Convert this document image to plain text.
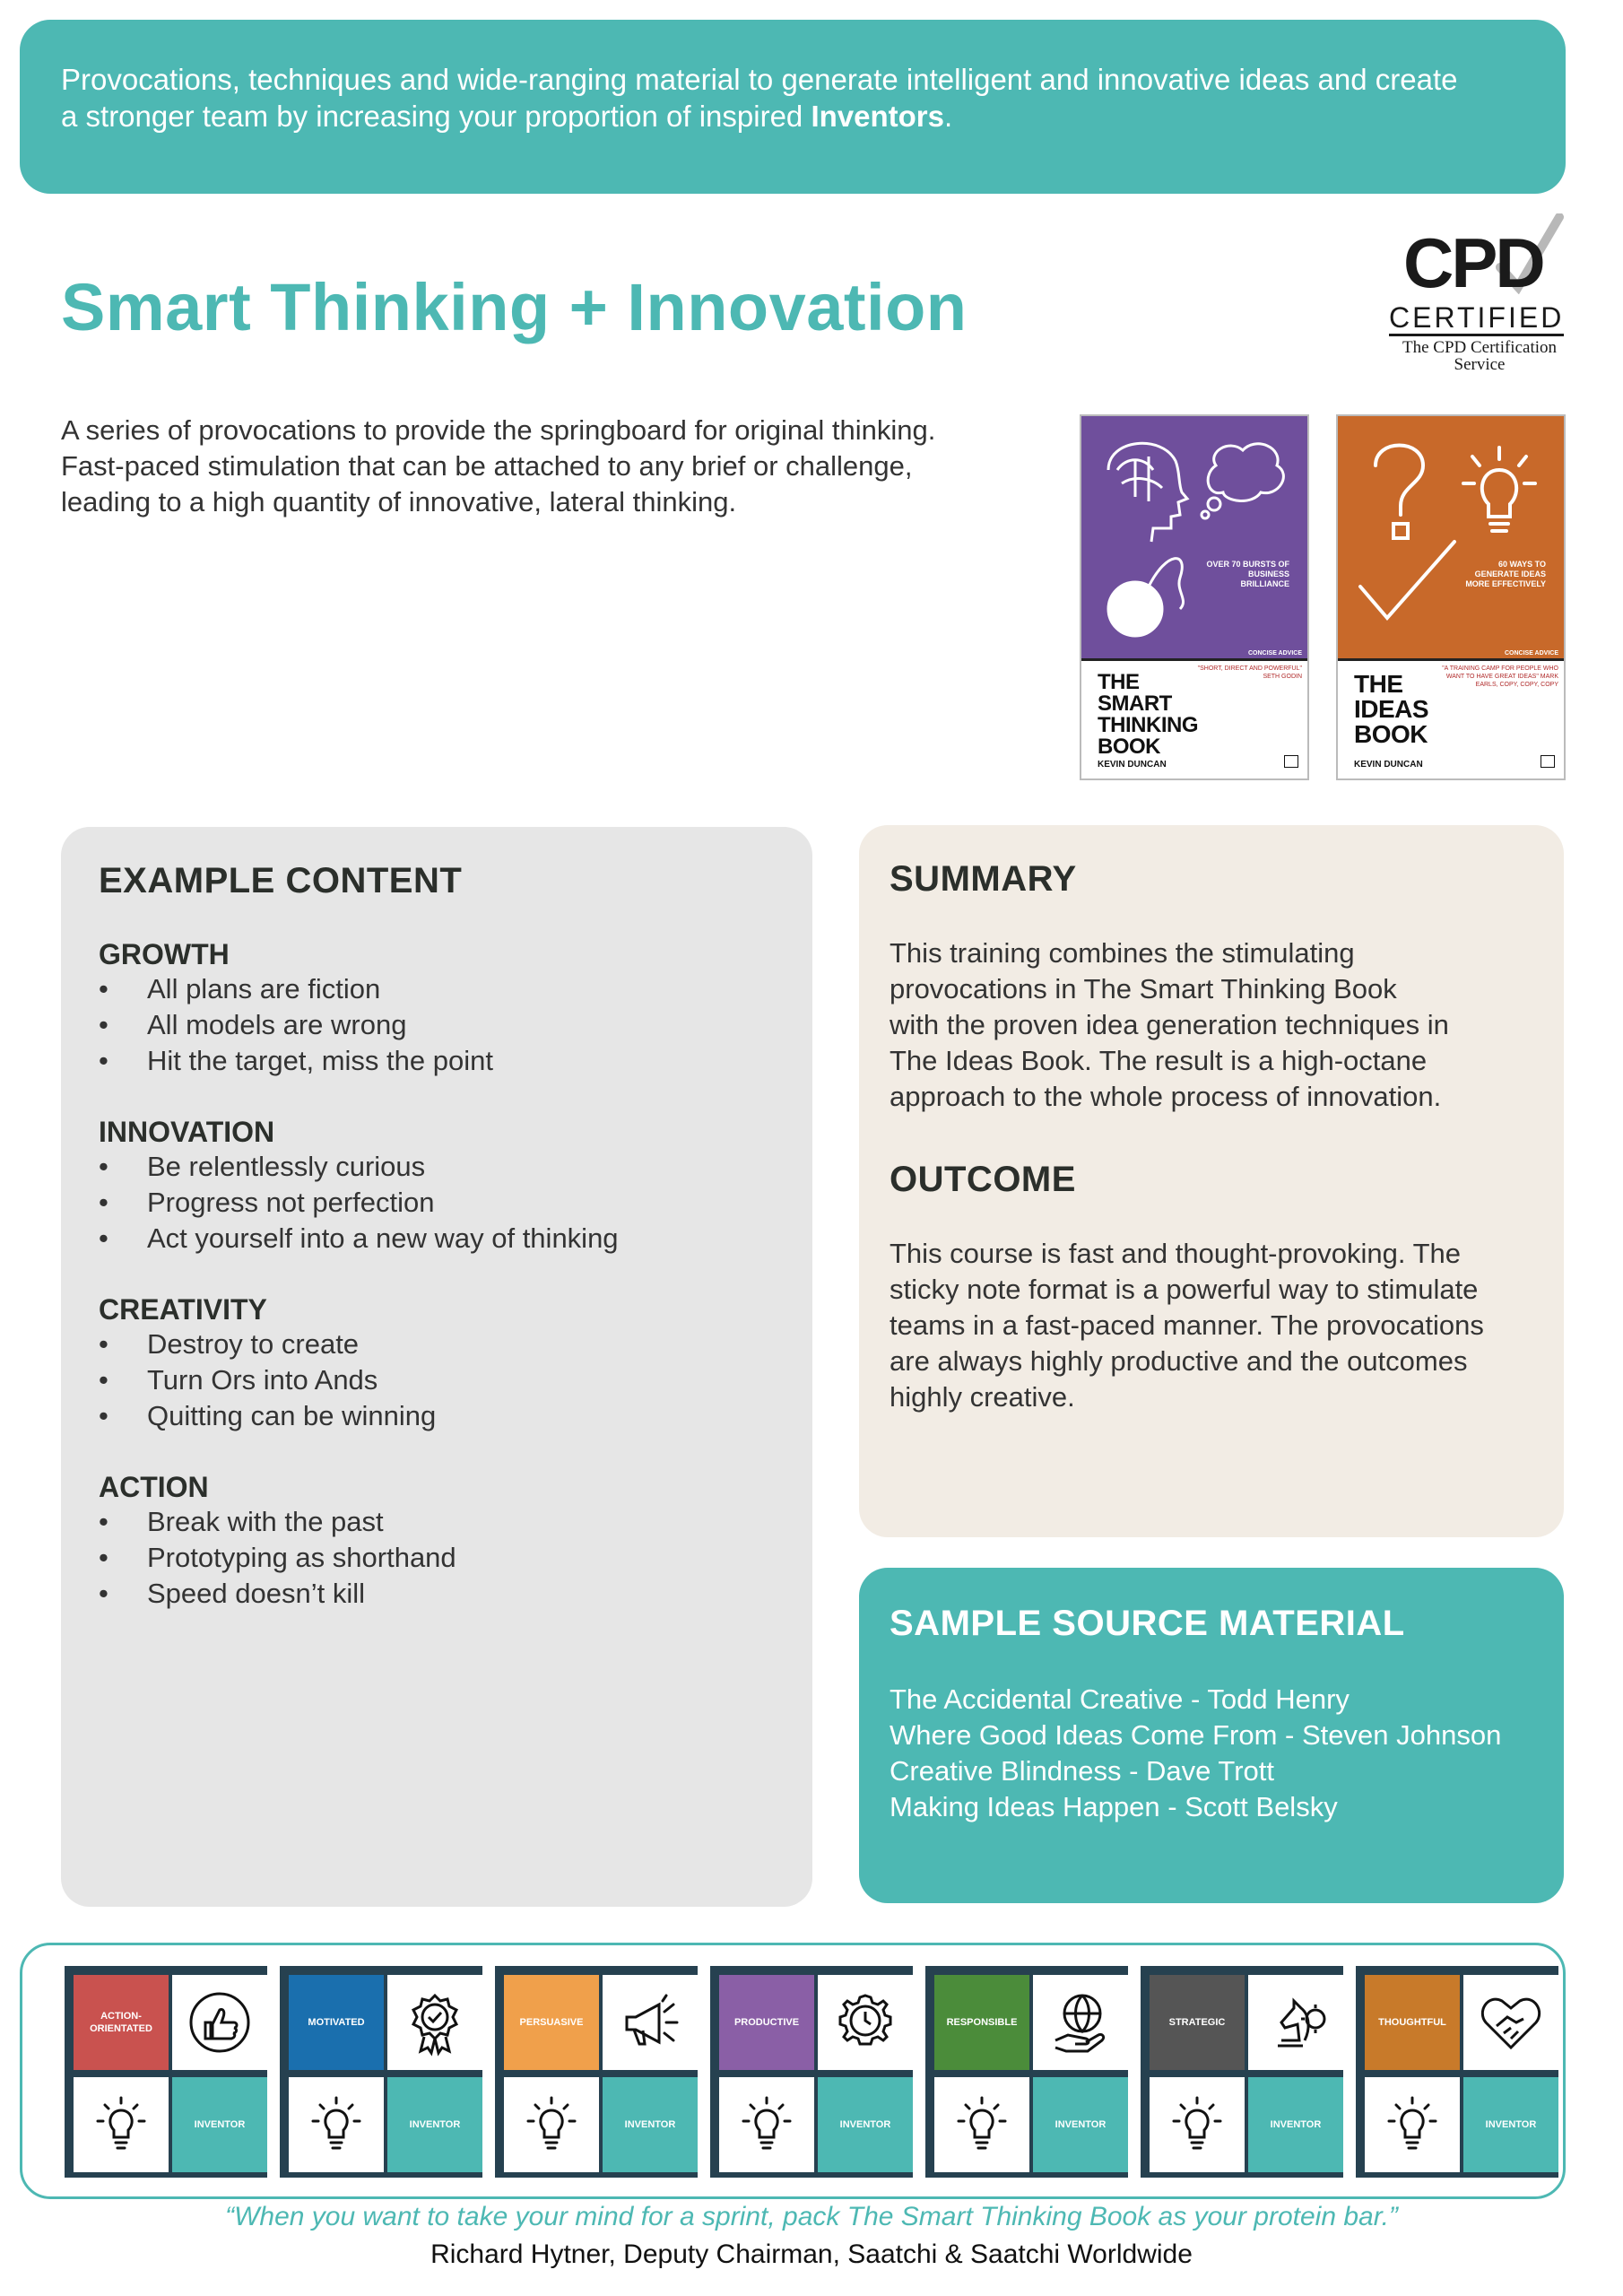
Provocations, techniques and wide-ranging material to generate intelligent and innovative ideas and create
a stronger team by increasing your proportion of inspired Inventors.

Smart Thinking + Innovation
CPD
CERTIFIED
The CPD Certification
Service
A series of provocations to provide the springboard for original thinking.
Fast-paced stimulation that can be attached to any brief or challenge,
leading to a high quantity of innovative, lateral thinking.
OVER 70 BURSTS OF BUSINESS BRILLIANCE
CONCISE ADVICE
"SHORT, DIRECT AND POWERFUL" SETH GODIN
THE
SMART
THINKING
BOOK
KEVIN DUNCAN
60 WAYS TO GENERATE IDEAS MORE EFFECTIVELY
CONCISE ADVICE
"A TRAINING CAMP FOR PEOPLE WHO WANT TO HAVE GREAT IDEAS" MARK EARLS, COPY, COPY, COPY
THE
IDEAS
BOOK
KEVIN DUNCAN
EXAMPLE CONTENT
GROWTH
• All plans are fiction
• All models are wrong
• Hit the target, miss the point
INNOVATION
• Be relentlessly curious
• Progress not perfection
• Act yourself into a new way of thinking
CREATIVITY
• Destroy to create
• Turn Ors into Ands
• Quitting can be winning
ACTION
• Break with the past
• Prototyping as shorthand
• Speed doesn’t kill
SUMMARY
This training combines the stimulating
provocations in The Smart Thinking Book
with the proven idea generation techniques in
The Ideas Book. The result is a high-octane
approach to the whole process of innovation.
OUTCOME
This course is fast and thought-provoking. The
sticky note format is a powerful way to stimulate
teams in a fast-paced manner. The provocations
are always highly productive and the outcomes
highly creative.
SAMPLE SOURCE MATERIAL
The Accidental Creative - Todd Henry
Where Good Ideas Come From - Steven Johnson
Creative Blindness - Dave Trott
Making Ideas Happen - Scott Belsky
ACTION-ORIENTATED
INVENTOR
MOTIVATED
INVENTOR
PERSUASIVE
INVENTOR
PRODUCTIVE
INVENTOR
RESPONSIBLE
INVENTOR
STRATEGIC
INVENTOR
THOUGHTFUL
INVENTOR
“When you want to take your mind for a sprint, pack The Smart Thinking Book as your protein bar.”
Richard Hytner, Deputy Chairman, Saatchi & Saatchi Worldwide
